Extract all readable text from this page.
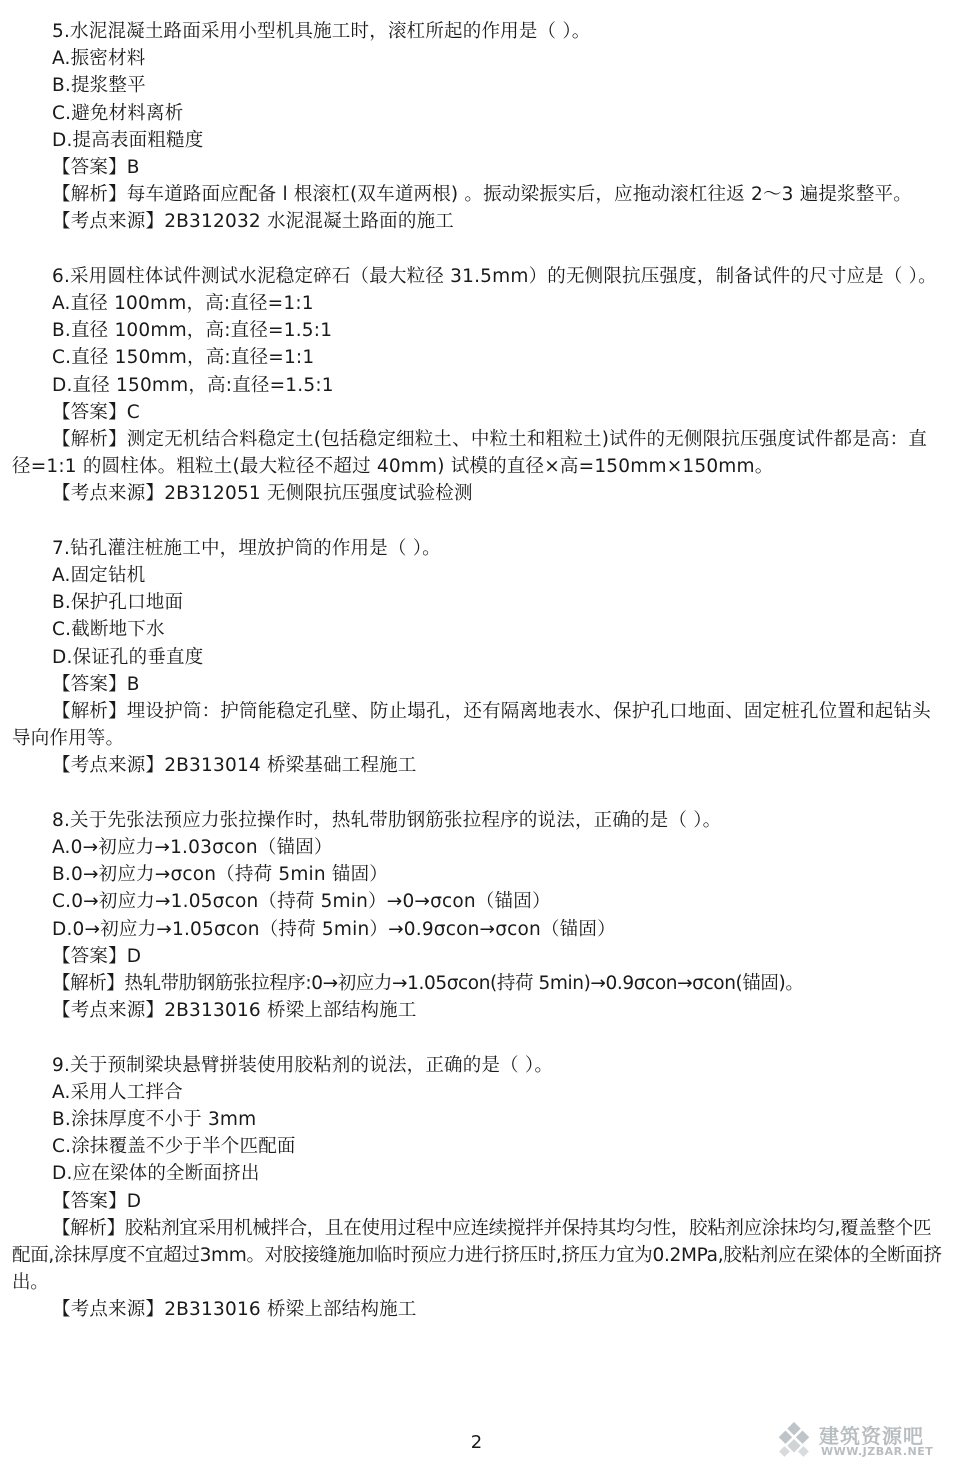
5.水泥混凝土路面采用小型机具施工时，滚杠所起的作用是（ ）。
A.振密材料
B.提浆整平
C.避免材料离析
D.提高表面粗糙度
【答案】B
【解析】每车道路面应配备 l 根滚杠(双车道两根) 。振动梁振实后，应拖动滚杠往返 2～3 遍提浆整平。
【考点来源】2B312032 水泥混凝土路面的施工
6.采用圆柱体试件测试水泥稳定碎石（最大粒径 31.5mm）的无侧限抗压强度，制备试件的尺寸应是（ ）。
A.直径 100mm，高:直径=1:1
B.直径 100mm，高:直径=1.5:1
C.直径 150mm，高:直径=1:1
D.直径 150mm，高:直径=1.5:1
【答案】C
【解析】测定无机结合料稳定土(包括稳定细粒土、中粒土和粗粒土)试件的无侧限抗压强度试件都是高：直径=1:1 的圆柱体。粗粒土(最大粒径不超过 40mm) 试模的直径×高=150mm×150mm。
【考点来源】2B312051 无侧限抗压强度试验检测
7.钻孔灌注桩施工中，埋放护筒的作用是（ ）。
A.固定钻机
B.保护孔口地面
C.截断地下水
D.保证孔的垂直度
【答案】B
【解析】埋设护筒：护筒能稳定孔壁、防止塌孔，还有隔离地表水、保护孔口地面、固定桩孔位置和起钻头导向作用等。
【考点来源】2B313014 桥梁基础工程施工
8.关于先张法预应力张拉操作时，热轧带肋钢筋张拉程序的说法，正确的是（ ）。
A.0→初应力→1.03σcon（锚固）
B.0→初应力→σcon（持荷 5min 锚固）
C.0→初应力→1.05σcon（持荷 5min）→0→σcon（锚固）
D.0→初应力→1.05σcon（持荷 5min）→0.9σcon→σcon（锚固）
【答案】D
【解析】热轧带肋钢筋张拉程序:0→初应力→1.05σcon(持荷 5min)→0.9σcon→σcon(锚固)。
【考点来源】2B313016 桥梁上部结构施工
9.关于预制梁块悬臂拼装使用胶粘剂的说法，正确的是（ ）。
A.采用人工拌合
B.涂抹厚度不小于 3mm
C.涂抹覆盖不少于半个匹配面
D.应在梁体的全断面挤出
【答案】D
【解析】胶粘剂宜采用机械拌合，且在使用过程中应连续搅拌并保持其均匀性，胶粘剂应涂抹均匀,覆盖整个匹配面,涂抹厚度不宜超过3mm。对胶接缝施加临时预应力进行挤压时,挤压力宜为0.2MPa,胶粘剂应在梁体的全断面挤出。
【考点来源】2B313016 桥梁上部结构施工
2	建筑资源吧
WWW.JZBAR.NET
